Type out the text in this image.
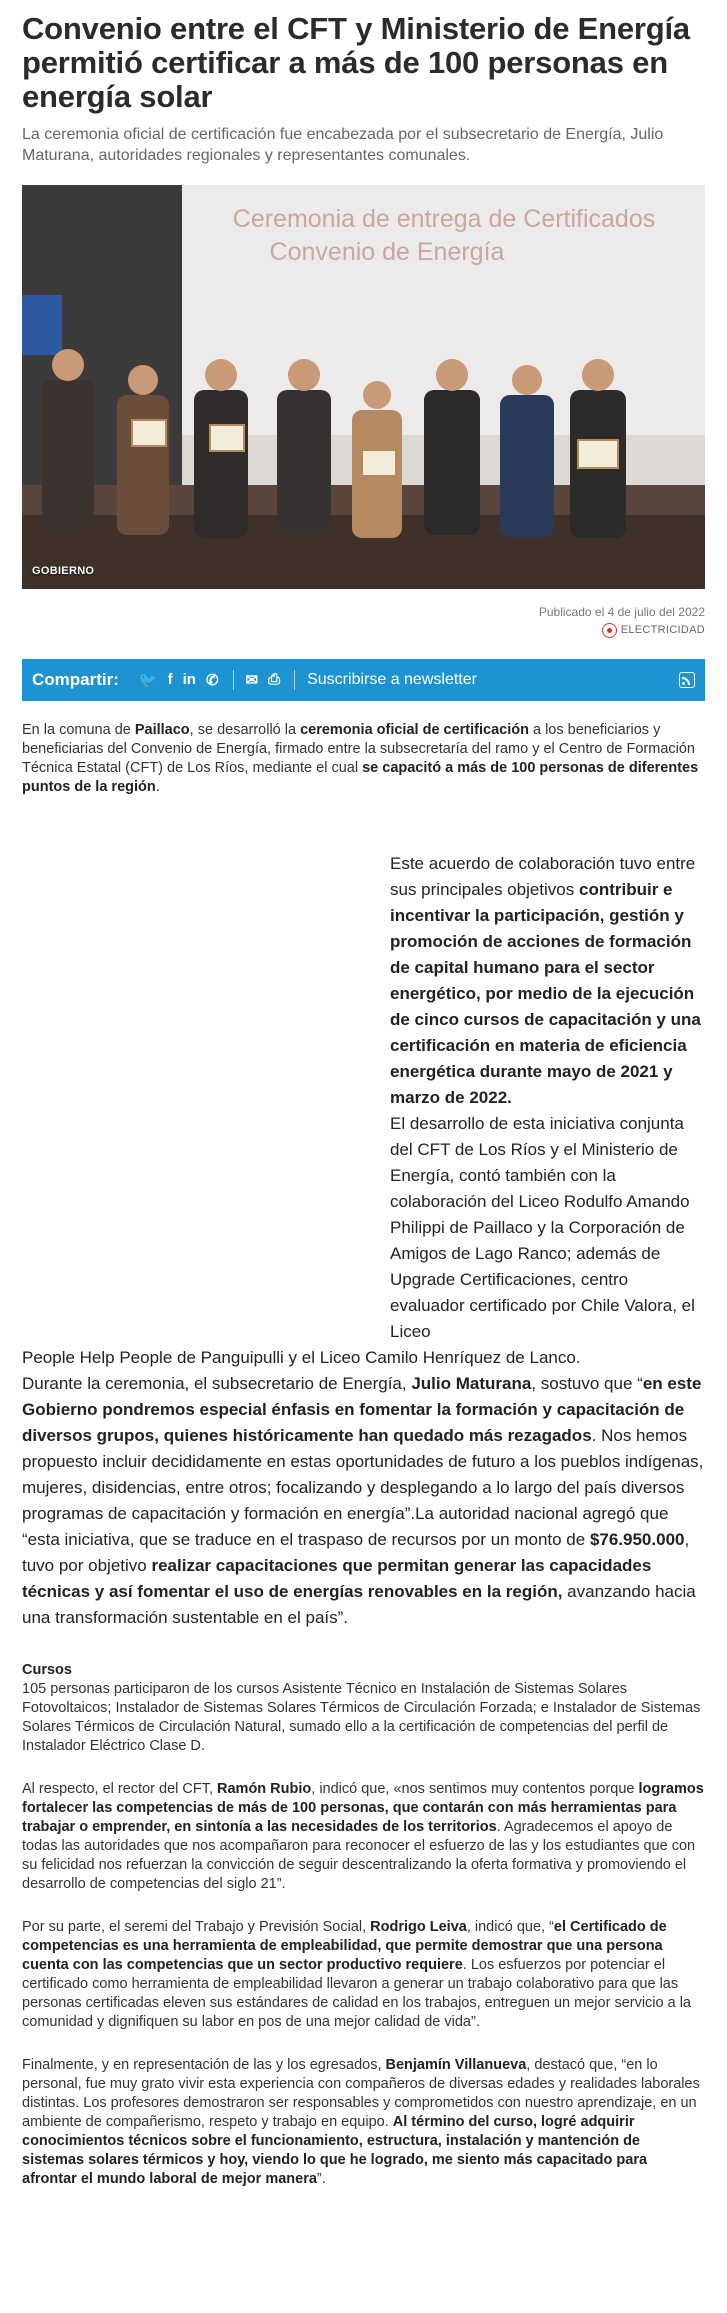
Convenio entre el CFT y Ministerio de Energía permitió certificar a más de 100 personas en energía solar

La ceremonia oficial de certificación fue encabezada por el subsecretario de Energía, Julio Maturana, autoridades regionales y representantes comunales.

Ceremonia de entrega de Certificados
Convenio de Energía
GOBIERNO
Publicado el 4 de julio del 2022
ELECTRICIDAD
Compartir: 🐦 f in ✆ ✉ ⎙ Suscribirse a newsletter

En la comuna de Paillaco, se desarrolló la ceremonia oficial de certificación a los beneficiarios y beneficiarias del Convenio de Energía, firmado entre la subsecretaría del ramo y el Centro de Formación Técnica Estatal (CFT) de Los Ríos, mediante el cual se capacitó a más de 100 personas de diferentes puntos de la región.

Este acuerdo de colaboración tuvo entre sus principales objetivos contribuir e incentivar la participación, gestión y promoción de acciones de formación de capital humano para el sector energético, por medio de la ejecución de cinco cursos de capacitación y una certificación en materia de eficiencia energética durante mayo de 2021 y marzo de 2022.
El desarrollo de esta iniciativa conjunta del CFT de Los Ríos y el Ministerio de Energía, contó también con la colaboración del Liceo Rodulfo Amando Philippi de Paillaco y la Corporación de Amigos de Lago Ranco; además de Upgrade Certificaciones, centro evaluador certificado por Chile Valora, el Liceo
People Help People de Panguipulli y el Liceo Camilo Henríquez de Lanco.
Durante la ceremonia, el subsecretario de Energía, Julio Maturana, sostuvo que “en este Gobierno pondremos especial énfasis en fomentar la formación y capacitación de diversos grupos, quienes históricamente han quedado más rezagados. Nos hemos propuesto incluir decididamente en estas oportunidades de futuro a los pueblos indígenas, mujeres, disidencias, entre otros; focalizando y desplegando a lo largo del país diversos programas de capacitación y formación en energía”.La autoridad nacional agregó que “esta iniciativa, que se traduce en el traspaso de recursos por un monto de $76.950.000, tuvo por objetivo realizar capacitaciones que permitan generar las capacidades técnicas y así fomentar el uso de energías renovables en la región, avanzando hacia una transformación sustentable en el país”.

Cursos

105 personas participaron de los cursos Asistente Técnico en Instalación de Sistemas Solares Fotovoltaicos; Instalador de Sistemas Solares Térmicos de Circulación Forzada; e Instalador de Sistemas Solares Térmicos de Circulación Natural, sumado ello a la certificación de competencias del perfil de Instalador Eléctrico Clase D.

Al respecto, el rector del CFT, Ramón Rubio, indicó que, «nos sentimos muy contentos porque logramos fortalecer las competencias de más de 100 personas, que contarán con más herramientas para trabajar o emprender, en sintonía a las necesidades de los territorios. Agradecemos el apoyo de todas las autoridades que nos acompañaron para reconocer el esfuerzo de las y los estudiantes que con su felicidad nos refuerzan la convicción de seguir descentralizando la oferta formativa y promoviendo el desarrollo de competencias del siglo 21”.

Por su parte, el seremi del Trabajo y Previsión Social, Rodrigo Leiva, indicó que, “el Certificado de competencias es una herramienta de empleabilidad, que permite demostrar que una persona cuenta con las competencias que un sector productivo requiere. Los esfuerzos por potenciar el certificado como herramienta de empleabilidad llevaron a generar un trabajo colaborativo para que las personas certificadas eleven sus estándares de calidad en los trabajos, entreguen un mejor servicio a la comunidad y dignifiquen su labor en pos de una mejor calidad de vida”.

Finalmente, y en representación de las y los egresados, Benjamín Villanueva, destacó que, “en lo personal, fue muy grato vivir esta experiencia con compañeros de diversas edades y realidades laborales distintas. Los profesores demostraron ser responsables y comprometidos con nuestro aprendizaje, en un ambiente de compañerismo, respeto y trabajo en equipo. Al término del curso, logré adquirir conocimientos técnicos sobre el funcionamiento, estructura, instalación y mantención de sistemas solares térmicos y hoy, viendo lo que he logrado, me siento más capacitado para afrontar el mundo laboral de mejor manera”.
